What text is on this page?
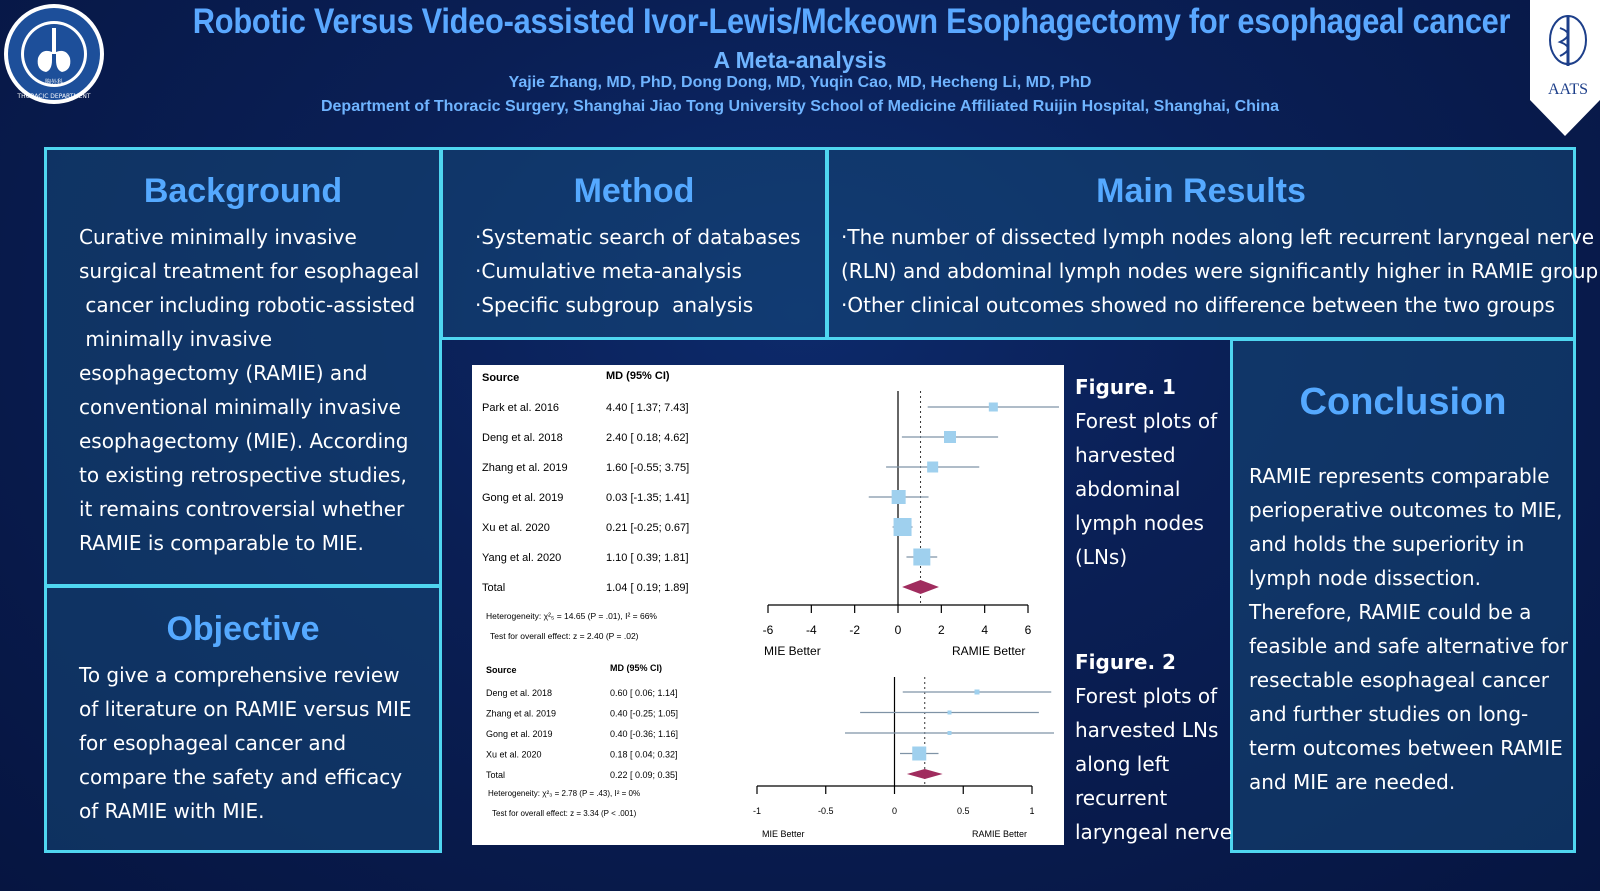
胸外科
THORACIC DEPARTMENT
Robotic Versus Video-assisted Ivor-Lewis/Mckeown Esophagectomy for esophageal cancer
A Meta-analysis
Yajie Zhang, MD, PhD, Dong Dong, MD, Yuqin Cao, MD, Hecheng Li, MD, PhD
Department of Thoracic Surgery, Shanghai Jiao Tong University School of Medicine Affiliated Ruijin Hospital, Shanghai, China
AATS
Background
Curative minimally invasive
surgical treatment for esophageal
cancer including robotic-assisted
minimally invasive
esophagectomy (RAMIE) and
conventional minimally invasive
esophagectomy (MIE). According
to existing retrospective studies,
it remains controversial whether
RAMIE is comparable to MIE.
Objective
To give a comprehensive review
of literature on RAMIE versus MIE
for esophageal cancer and
compare the safety and efficacy
of RAMIE with MIE.
Method
·Systematic search of databases
·Cumulative meta-analysis
·Specific subgroup  analysis
Main Results
·The number of dissected lymph nodes along left recurrent laryngeal nerve
(RLN) and abdominal lymph nodes were significantly higher in RAMIE group
·Other clinical outcomes showed no difference between the two groups
Conclusion
RAMIE represents comparable
perioperative outcomes to MIE,
and holds the superiority in
lymph node dissection.
Therefore, RAMIE could be a
feasible and safe alternative for
resectable esophageal cancer
and further studies on long-
term outcomes between RAMIE
and MIE are needed.
Source	MD (95% CI)
Park et al. 2016	4.40 [ 1.37; 7.43]
Deng et al. 2018	2.40 [ 0.18; 4.62]
Zhang et al. 2019	1.60 [-0.55; 3.75]
Gong et al. 2019	0.03 [-1.35; 1.41]
Xu et al. 2020	0.21 [-0.25; 0.67]
Yang et al. 2020	1.10 [ 0.39; 1.81]
Total	1.04 [ 0.19; 1.89]
-6	-4	-2	0	2	4	6
MIE Better	RAMIE Better
Heterogeneity: χ²₅ = 14.65 (P = .01), I² = 66%
Test for overall effect: z = 2.40 (P = .02)
Source	MD (95% CI)
Deng et al. 2018	0.60 [ 0.06; 1.14]
Zhang et al. 2019	0.40 [-0.25; 1.05]
Gong et al. 2019	0.40 [-0.36; 1.16]
Xu et al. 2020	0.18 [ 0.04; 0.32]
Total	0.22 [ 0.09; 0.35]
-1	-0.5	0	0.5	1
MIE Better	RAMIE Better
Heterogeneity: χ²₃ = 2.78 (P = .43), I² = 0%
Test for overall effect: z = 3.34 (P < .001)
Figure. 1
Forest plots of
harvested
abdominal
lymph nodes
(LNs)
Figure. 2
Forest plots of
harvested LNs
along left
recurrent
laryngeal nerve
